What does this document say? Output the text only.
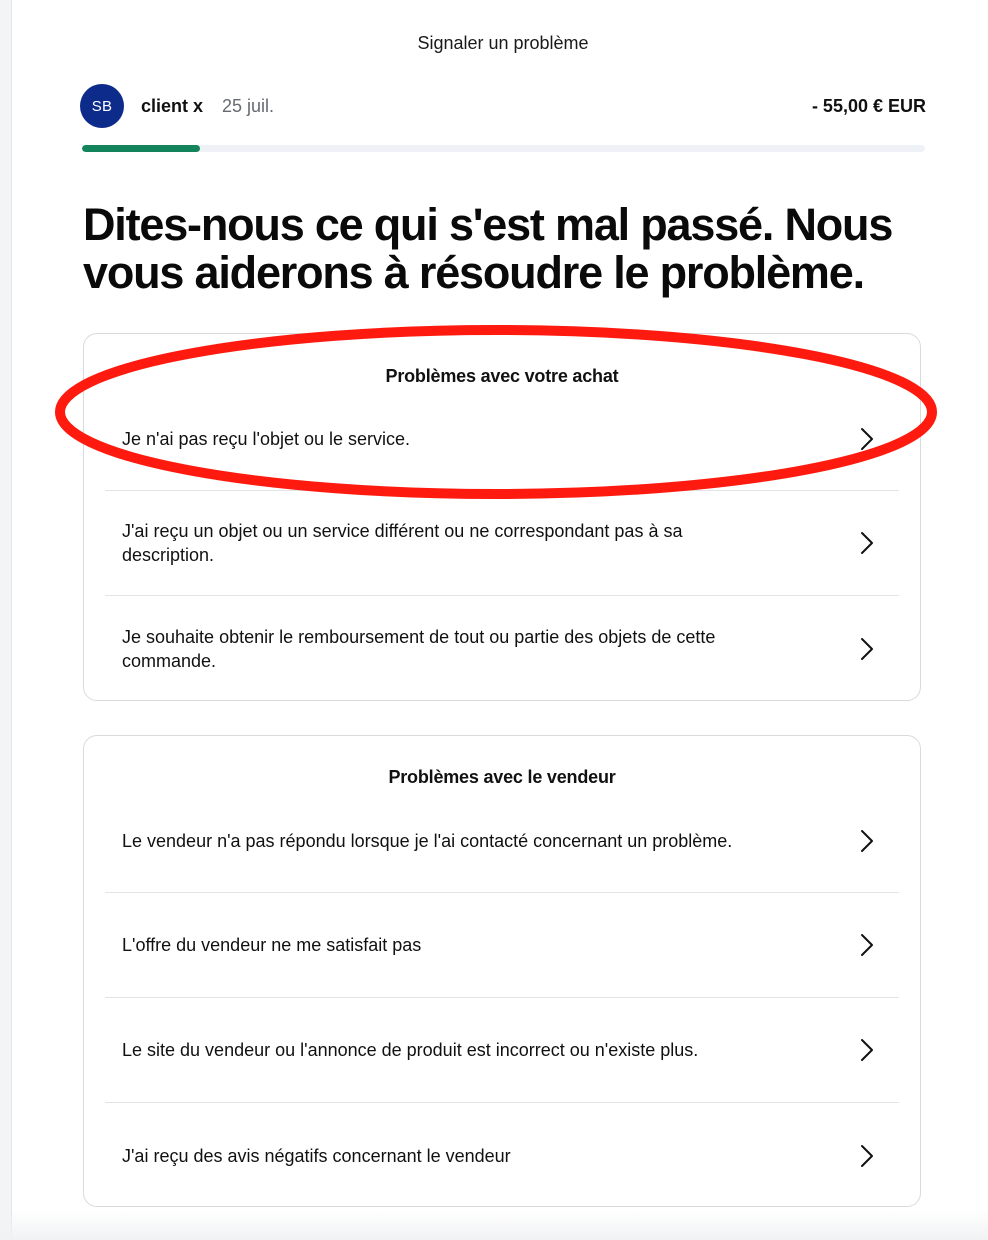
Signaler un problème
SB	client x 25 juil.	- 55,00 € EUR
Dites-nous ce qui s'est mal passé. Nous vous aiderons à résoudre le problème.
Problèmes avec votre achat
Je n'ai pas reçu l'objet ou le service.
J'ai reçu un objet ou un service différent ou ne correspondant pas à sa description.
Je souhaite obtenir le remboursement de tout ou partie des objets de cette commande.
Problèmes avec le vendeur
Le vendeur n'a pas répondu lorsque je l'ai contacté concernant un problème.
L'offre du vendeur ne me satisfait pas
Le site du vendeur ou l'annonce de produit est incorrect ou n'existe plus.
J'ai reçu des avis négatifs concernant le vendeur
